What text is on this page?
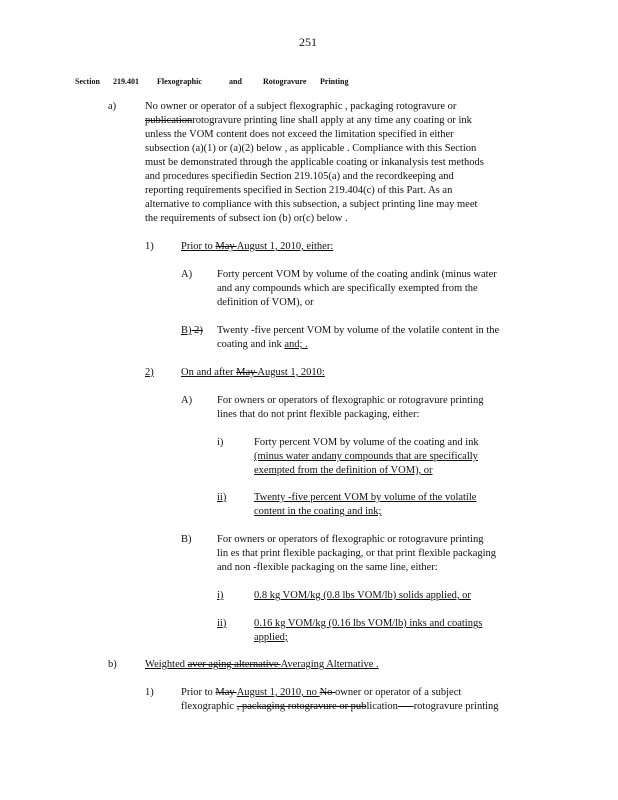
251
Section 219.401 Flexographic	and	Rotogravure Printing
a)	No owner or operator of a subject flexographic , packaging rotogravure or
publicationrotogravure printing line shall apply at any time any coating or ink
unless the VOM content does not exceed the limitation specified in either
subsection (a)(1) or (a)(2) below , as applicable . Compliance with this Section
must be demonstrated through the applicable coating or inkanalysis test methods
and procedures specifiedin Section 219.105(a) and the recordkeeping and
reporting requirements specified in Section 219.404(c) of this Part. As an
alternative to compliance with this subsection, a subject printing line may meet
the requirements of subsect ion (b) or(c) below .
1)	Prior to May August 1, 2010, either:
A) Forty percent VOM by volume of the coating andink (minus water
and any compounds which are specifically exempted from the
definition of VOM), or
B) 2) Twenty -five percent VOM by volume of the volatile content in the
coating and ink and; .
2)	On and after May August 1, 2010:
A) For owners or operators of flexographic or rotogravure printing
lines that do not print flexible packaging, either:
i)	Forty percent VOM by volume of the coating and ink
(minus water andany compounds that are specifically
exempted from the definition of VOM), or
ii)	Twenty -five percent VOM by volume of the volatile
content in the coating and ink;
B) For owners or operators of flexographic or rotogravure printing
lin es that print flexible packaging, or that print flexible packaging
and non -flexible packaging on the same line, either:
i)	0.8 kg VOM/kg (0.8 lbs VOM/lb) solids applied, or
ii)	0.16 kg VOM/kg (0.16 lbs VOM/lb) inks and coatings
applied;
b)	Weighted aver aging alternative Averaging Alternative .
1)	Prior to May August 1, 2010, no No owner or operator of a subject
flexographic , packaging rotogravure or publication rotogravure printing
